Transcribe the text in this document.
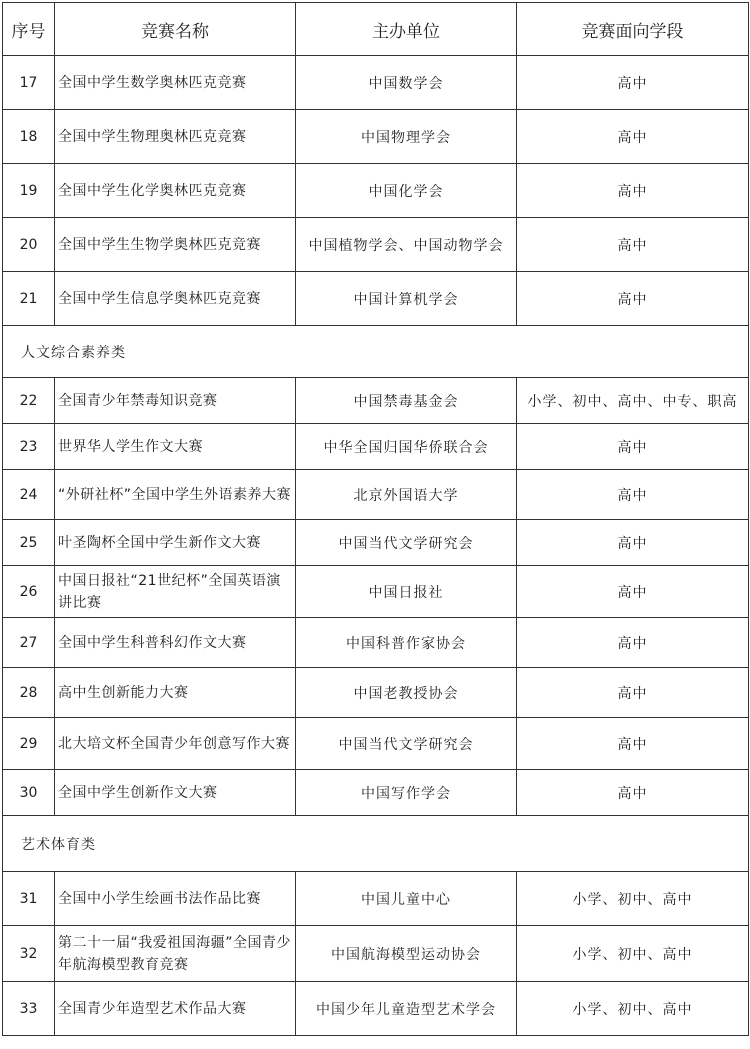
序号	竞赛名称	主办单位	竞赛面向学段
17	全国中学生数学奥林匹克竞赛	中国数学会	高中
18	全国中学生物理奥林匹克竞赛	中国物理学会	高中
19	全国中学生化学奥林匹克竞赛	中国化学会	高中
20	全国中学生生物学奥林匹克竞赛	中国植物学会、中国动物学会	高中
21	全国中学生信息学奥林匹克竞赛	中国计算机学会	高中
人文综合素养类			
22	全国青少年禁毒知识竞赛	中国禁毒基金会	小学、初中、高中、中专、职高
23	世界华人学生作文大赛	中华全国归国华侨联合会	高中
24	“外研社杯”全国中学生外语素养大赛	北京外国语大学	高中
25	叶圣陶杯全国中学生新作文大赛	中国当代文学研究会	高中
26	中国日报社“21世纪杯”全国英语演讲比赛	中国日报社	高中
27	全国中学生科普科幻作文大赛	中国科普作家协会	高中
28	高中生创新能力大赛	中国老教授协会	高中
29	北大培文杯全国青少年创意写作大赛	中国当代文学研究会	高中
30	全国中学生创新作文大赛	中国写作学会	高中
艺术体育类			
31	全国中小学生绘画书法作品比赛	中国儿童中心	小学、初中、高中
32	第二十一届“我爱祖国海疆”全国青少年航海模型教育竞赛	中国航海模型运动协会	小学、初中、高中
33	全国青少年造型艺术作品大赛	中国少年儿童造型艺术学会	小学、初中、高中
